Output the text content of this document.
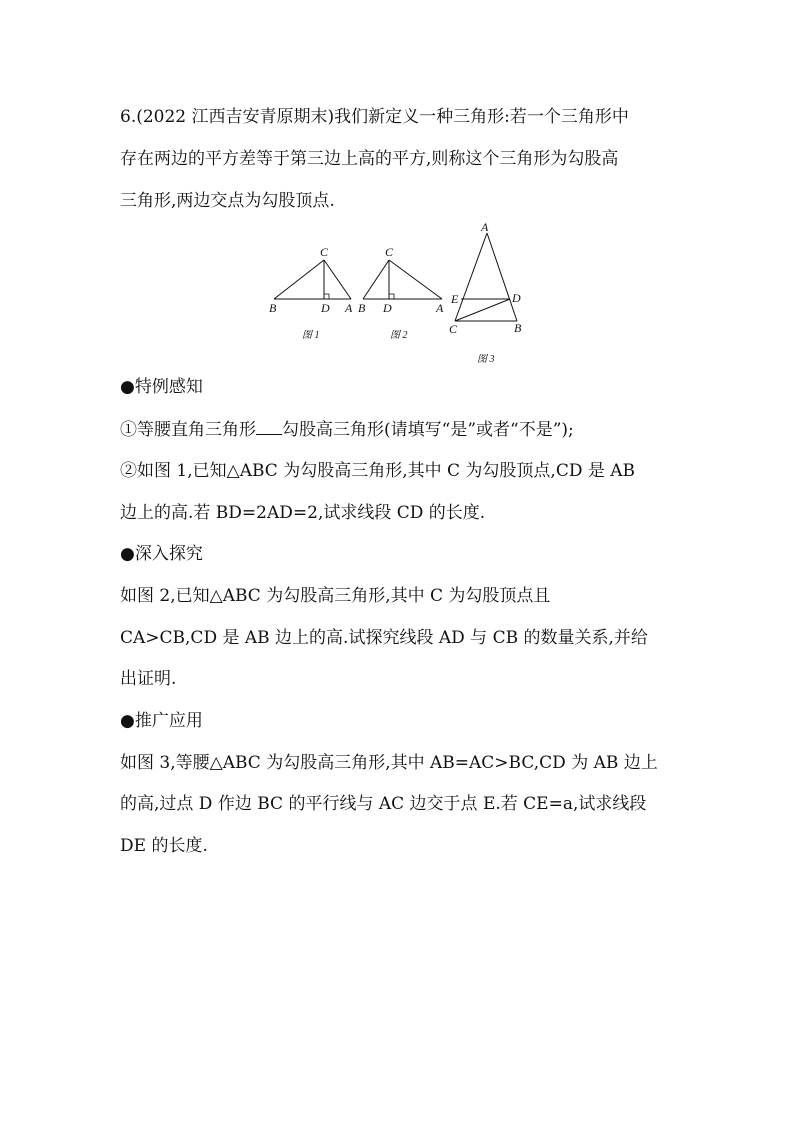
6.(2022 江西吉安青原期末)我们新定义一种三角形:若一个三角形中
存在两边的平方差等于第三边上高的平方,则称这个三角形为勾股高
三角形,两边交点为勾股顶点.
C
B	D A
图 1
C
B D	A
图 2
A
E	D
C	B
图 3
●特例感知
①等腰直角三角形 勾股高三角形(请填写“是”或者“不是”);
②如图 1,已知△ABC 为勾股高三角形,其中 C 为勾股顶点,CD 是 AB
边上的高.若 BD=2AD=2,试求线段 CD 的长度.
●深入探究
如图 2,已知△ABC 为勾股高三角形,其中 C 为勾股顶点且
CA>CB,CD 是 AB 边上的高.试探究线段 AD 与 CB 的数量关系,并给
出证明.
●推广应用
如图 3,等腰△ABC 为勾股高三角形,其中 AB=AC>BC,CD 为 AB 边上
的高,过点 D 作边 BC 的平行线与 AC 边交于点 E.若 CE=a,试求线段
DE 的长度.
